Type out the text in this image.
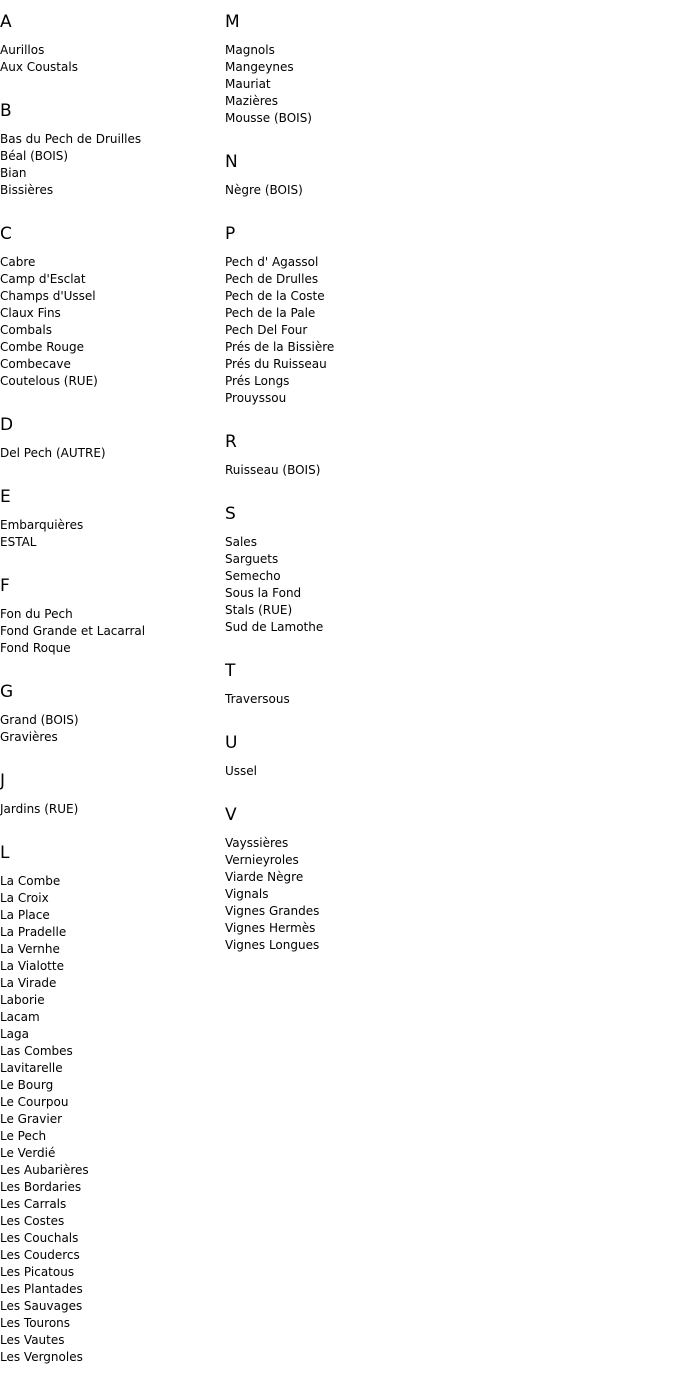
A
Aurillos
Aux Coustals
B
Bas du Pech de Druilles
Béal (BOIS)
Bian
Bissières
C
Cabre
Camp d'Esclat
Champs d'Ussel
Claux Fins
Combals
Combe Rouge
Combecave
Coutelous (RUE)
D
Del Pech (AUTRE)
E
Embarquières
ESTAL
F
Fon du Pech
Fond Grande et Lacarral
Fond Roque
G
Grand (BOIS)
Gravières
J
Jardins (RUE)
L
La Combe
La Croix
La Place
La Pradelle
La Vernhe
La Vialotte
La Virade
Laborie
Lacam
Laga
Las Combes
Lavitarelle
Le Bourg
Le Courpou
Le Gravier
Le Pech
Le Verdié
Les Aubarières
Les Bordaries
Les Carrals
Les Costes
Les Couchals
Les Coudercs
Les Picatous
Les Plantades
Les Sauvages
Les Tourons
Les Vautes
Les Vergnoles
M
Magnols
Mangeynes
Mauriat
Mazières
Mousse (BOIS)
N
Nègre (BOIS)
P
Pech d' Agassol
Pech de Drulles
Pech de la Coste
Pech de la Pale
Pech Del Four
Prés de la Bissière
Prés du Ruisseau
Prés Longs
Prouyssou
R
Ruisseau (BOIS)
S
Sales
Sarguets
Semecho
Sous la Fond
Stals (RUE)
Sud de Lamothe
T
Traversous
U
Ussel
V
Vayssières
Vernieyroles
Viarde Nègre
Vignals
Vignes Grandes
Vignes Hermès
Vignes Longues
